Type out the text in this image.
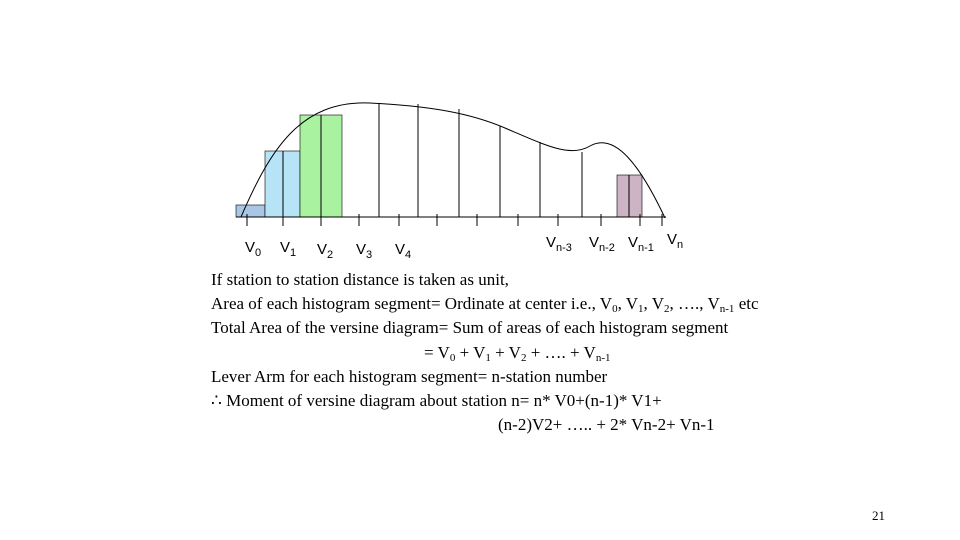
$V_0$ $V_1$ $V_2$ $V_3$ $V_4$
$V_{n-3}$ $V_{n-2}$ $V_{n-1}$ $V_n$
If station to station distance is taken as unit,
Area of each histogram segment= Ordinate at center i.e., $V_0$, $V_1$, $V_2$, …., $V_{n-1}$ etc
Total Area of the versine diagram= Sum of areas of each histogram segment
= $V_0 + V_1 + V_2$ + …. + $V_{n-1}$
Lever Arm for each histogram segment= n-station number
∴ Moment of versine diagram about station n= n* V0+(n-1)* V1+
(n-2)V2+ ….. + 2* Vn-2+ Vn-1
21
